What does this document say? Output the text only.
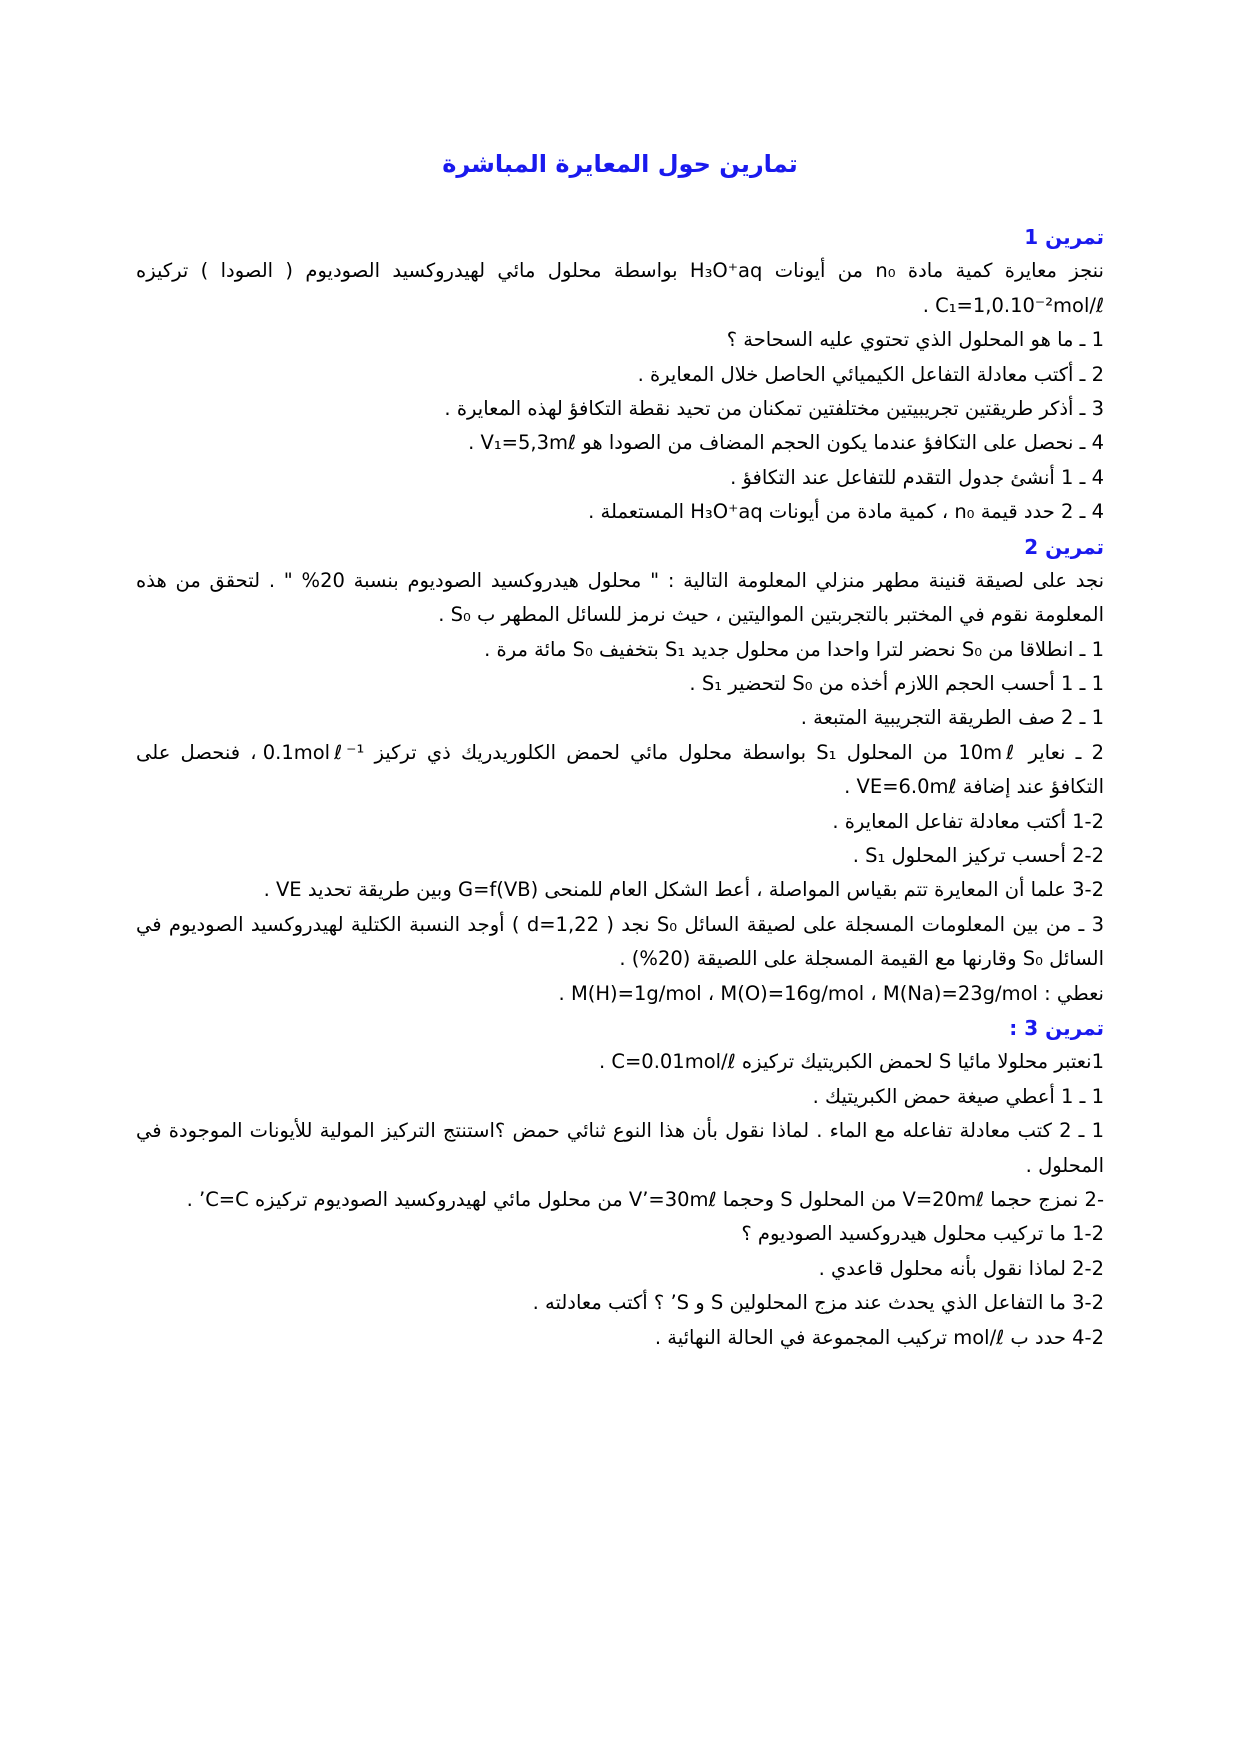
تمارين حول المعايرة المباشرة
تمرين 1
ننجز معايرة كمية مادة n₀ من أيونات H₃O⁺aq بواسطة محلول مائي لهيدروكسيد الصوديوم ( الصودا ) تركيزه
C₁=1,0.10⁻²mol/ℓ .
1 ـ ما هو المحلول الذي تحتوي عليه السحاحة ؟
2 ـ أكتب معادلة التفاعل الكيميائي الحاصل خلال المعايرة .
3 ـ أذكر طريقتين تجريبيتين مختلفتين تمكنان من تحيد نقطة التكافؤ لهذه المعايرة .
4 ـ نحصل على التكافؤ عندما يكون الحجم المضاف من الصودا هو V₁=5,3mℓ .
4 ـ 1 أنشئ جدول التقدم للتفاعل عند التكافؤ .
4 ـ 2 حدد قيمة n₀ ، كمية مادة من أيونات H₃O⁺aq المستعملة .
تمرين 2
نجد على لصيقة قنينة مطهر منزلي المعلومة التالية : " محلول هيدروكسيد الصوديوم بنسبة 20% " . لتحقق من هذه
المعلومة نقوم في المختبر بالتجربتين المواليتين ، حيث نرمز للسائل المطهر ب S₀ .
1 ـ انطلاقا من S₀ نحضر لترا واحدا من محلول جديد S₁ بتخفيف S₀ مائة مرة .
1 ـ 1 أحسب الحجم اللازم أخذه من S₀ لتحضير S₁ .
1 ـ 2 صف الطريقة التجريبية المتبعة .
2 ـ نعاير 10mℓ من المحلول S₁ بواسطة محلول مائي لحمض الكلوريدريك ذي تركيز 0.1molℓ⁻¹ ، فنحصل على
التكافؤ عند إضافة VE=6.0mℓ .
1-2 أكتب معادلة تفاعل المعايرة .
2-2 أحسب تركيز المحلول S₁ .
3-2 علما أن المعايرة تتم بقياس المواصلة ، أعط الشكل العام للمنحى G=f(VB) وبين طريقة تحديد VE .
3 ـ من بين المعلومات المسجلة على لصيقة السائل S₀ نجد ( d=1,22 ) أوجد النسبة الكتلية لهيدروكسيد الصوديوم في
السائل S₀ وقارنها مع القيمة المسجلة على اللصيقة (20%) .
نعطي : M(H)=1g/mol ، M(O)=16g/mol ، M(Na)=23g/mol .
تمرين 3 :
1نعتبر محلولا مائيا S لحمض الكبريتيك تركيزه C=0.01mol/ℓ .
1 ـ 1 أعطي صيغة حمض الكبريتيك .
1 ـ 2 كتب معادلة تفاعله مع الماء . لماذا نقول بأن هذا النوع ثنائي حمض ؟استنتج التركيز المولية للأيونات الموجودة في
المحلول .
-2 نمزج حجما V=20mℓ من المحلول S وحجما V’=30mℓ من محلول مائي لهيدروكسيد الصوديوم تركيزه C=C’ .
1-2 ما تركيب محلول هيدروكسيد الصوديوم ؟
2-2 لماذا نقول بأنه محلول قاعدي .
3-2 ما التفاعل الذي يحدث عند مزج المحلولين S و S’ ؟ أكتب معادلته .
4-2 حدد ب mol/ℓ تركيب المجموعة في الحالة النهائية .
